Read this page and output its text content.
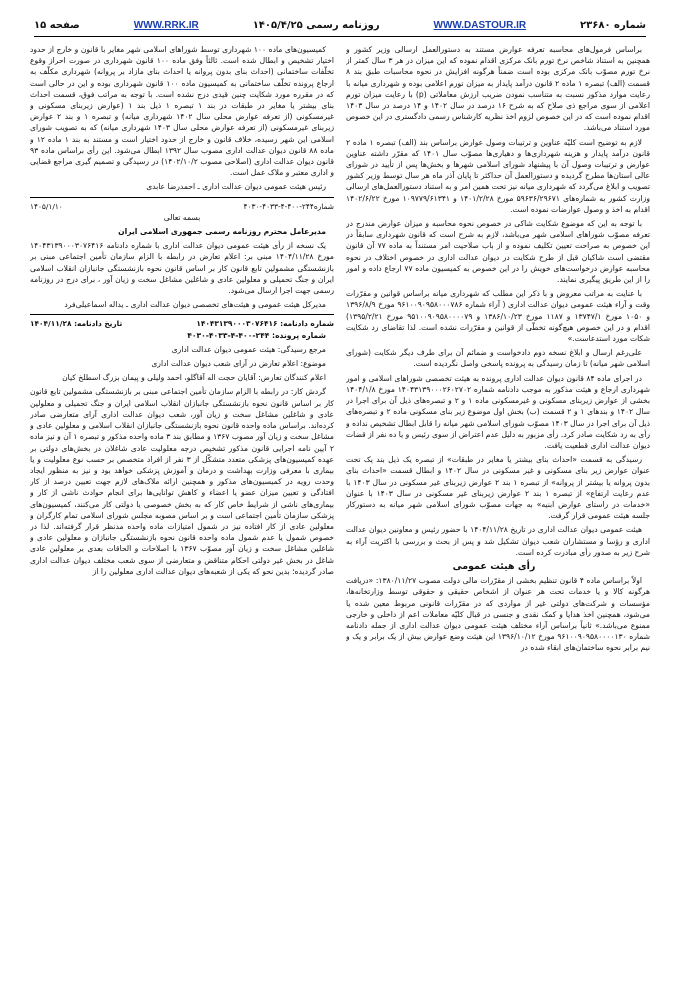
شماره ۲۳۶۸۰
WWW.DASTOUR.IR
روزنامه رسمی ۱۴۰۵/۴/۲۵
WWW.RRK.IR
صفحه ۱۵

براساس فرمول‌های محاسبه تعرفه عوارض مستند به دستورالعمل ارسالی وزیر کشور و همچنین به استناد شاخص نرخ تورم بانک مرکزی اقدام نموده که این میزان در هر ۳ سال کمتر از نرخ تورم مصوّب بانک مرکزی بوده است ضمناً هرگونه افزایش در نحوه محاسبات طبق بند ۸ قسمت (الف) تبصره ۱ ماده ۲ قانون درآمد پایدار به میزان تورم اعلامی بوده و شهرداری میانه با رعایت موارد مذکور نسبت به متناسب نمودن ضریب ارزش معاملاتی (p) با رعایت میزان تورم اعلامی از سوی مراجع ذی صلاح که به شرح ۱۶ درصد در سال ۱۴۰۲ و ۱۴ درصد در سال ۱۴۰۳ اقدام نموده است که در این خصوص لزوم اخذ نظریه کارشناس رسمی دادگستری در این خصوص مورد استناد می‌باشد.

لازم به توضیح است کلیّه عناوین و ترتیبات وصول عوارض براساس بند (الف) تبصره ۱ ماده ۲ قانون درآمد پایدار و هزینه شهرداری‌ها و دهیاری‌ها مصوّب سال ۱۴۰۱ که مقرّر داشته عناوین عوارض و ترتیبات وصول آن با پیشنهاد شورای اسلامی شهرها و بخش‌ها پس از تأیید در شورای عالی استان‌ها مطرح گردیده و دستورالعمل آن حداکثر تا پایان آذر ماه هر سال توسط وزیر کشور تصویب و ابلاغ می‌گردد که شهرداری میانه نیز تحت همین امر و به استناد دستورالعمل‌های ارسالی وزارت کشور به شماره‌های ۵۹۶۳۶/۲۹۶۷۱ مورخ ۱۴۰۱/۲/۲۸ و ۱۰۹۷۷۹/۶۱۳۴۱ مورخ ۱۴۰۲/۶/۲۲ اقدام به اخذ و وصول عوارضات نموده است.

با توجه به این که موضوع شکایت شاکی در خصوص نحوه محاسبه و میزان عوارض مندرج در تعرفه مصوّب شوراهای اسلامی شهر می‌باشد، لازم به شرح است که قانون شهرداری سابقاً در این خصوص به صراحت تعیین تکلیف نموده و از باب صلاحیت امر مستنداً به ماده ۷۷ آن قانون مقتضی است شاکیان قبل از طرح شکایت در دیوان عدالت اداری در خصوص اختلاف در نحوه محاسبه عوارض درخواست‌های خویش را در این خصوص به کمیسیون ماده ۷۷ ارجاع داده و امور را از این طریق پیگیری نمایند.

با عنایت به مراتب معروض و با ذکر این مطلب که شهرداری میانه براساس قوانین و مقرّرات وقت و آراء هیئت عمومی دیوان عدالت اداری ( آراء شماره ۹۶۱۰۰۹۰۹۵۸۰۰۰۷۸۶ مورخ ۱۳۹۶/۸/۹ و ۱۰۵۰ مورخ ۱۳۷۴۷/۱ و ۱۱۸۷ مورخ ۱۳۸۶/۱۰/۲۳ و ۹۵۱۰۰۹۰۹۵۸۰۰۰۰۷۹ مورخ ۱۳۹۵/۲/۲۱) اقدام و در این خصوص هیچ‌گونه تخطّی از قوانین و مقرّرات نشده است. لذا تقاضای رد شکایت شکات مورد استدعاست.»

علی‌رغم ارسال و ابلاغ نسخه دوم دادخواست و ضمائم آن برای طرف دیگر شکایت (شورای اسلامی شهر میانه) تا زمان رسیدگی به پرونده پاسخی واصل نگردیده است.

در اجرای ماده ۸۴ قانون دیوان عدالت اداری پرونده به هیئت تخصصی شوراهای اسلامی و امور شهرداری ارجاع و هیئت مذکور به موجب دادنامه شماره ۱۴۰۴۳۱۳۹۰۰۰۲۶۰۲۷۰۲ مورخ ۱۴۰۴/۱/۸ بخشی از عوارض زیربنای مسکونی و غیرمسکونی ماده ۱ و ۲ و تبصره‌های ذیل آن برای اجرا در سال ۱۴۰۲ و بندهای ۱ و ۲ قسمت (ب) بخش اول موضوع زیر بنای مسکونی ماده ۲ و تبصره‌های ذیل آن برای اجرا در سال ۱۴۰۳ مصوّب شورای اسلامی شهر میانه را قابل ابطال تشخیص نداده و رأی به رد شکایت صادر کرد. رأی مزبور به دلیل عدم اعتراض از سوی رئیس و یا ده نفر از قضات دیوان عدالت اداری قطعیت یافت.

رسیدگی به قسمت «احداث بنای بیشتر یا مغایر در طبقات» از تبصره یک ذیل بند یک تحت عنوان عوارض زیر بنای مسکونی و غیر مسکونی در سال ۱۴۰۲ و ابطال قسمت «احداث بنای بدون پروانه یا بیشتر از پروانه» از تبصره ۱ بند ۲ عوارض زیربنای غیر مسکونی در سال ۱۴۰۳ با عدم رعایت ارتفاع» از تبصره ۱ بند ۲ عوارض زیربنای غیر مسکونی در سال ۱۴۰۳ با عنوان «خدمات در راستای عوارض ابنیه» به جهات مصوّب شورای اسلامی شهر میانه به دستورکار جلسه هیئت عمومی قرار گرفت.

هیئت عمومی دیوان عدالت اداری در تاریخ ۱۴۰۴/۱۱/۲۸ با حضور رئیس و معاونین دیوان عدالت اداری و رؤسا و مستشاران شعب دیوان تشکیل شد و پس از بحث و بررسی با اکثریت آراء به شرح زیر به صدور رأی مبادرت کرده است.

رأی هیئت عمومی

اولاً براساس ماده ۴ قانون تنظیم بخشی از مقرّرات مالی دولت مصوب ۱۳۸۰/۱۱/۲۷: «دریافت هرگونه کالا و یا خدمات تحت هر عنوان از اشخاص حقیقی و حقوقی توسط وزارتخانه‌ها، مؤسسات و شرکت‌های دولتی غیر از مواردی که در مقرّرات قانونی مربوط معین شده یا می‌شود، همچنین اخذ هدایا و کمک نقدی و جنسی در قبال کلیّه معاملات اعم از داخلی و خارجی ممنوع می‌باشد.» ثانیاً براساس آراء مختلف هیئت عمومی دیوان عدالت اداری از جمله دادنامه شماره ۹۶۱۰۰۹۰۹۵۸۰۰۰۰۱۳۰ مورخ ۱۳۹۶/۱۰/۱۲ این هیئت وضع عوارض بیش از یک برابر و یک و نیم برابر نحوه ساختمان‌های ابقاء شده در

کمیسیون‌های ماده ۱۰۰ شهرداری توسط شوراهای اسلامی شهر مغایر با قانون و خارج از حدود اختیار تشخیص و ابطال شده است. ثالثاً وفق ماده ۱۰۰ قانون شهرداری در صورت احراز وقوع تخلّفات ساختمانی (احداث بنای بدون پروانه یا احداث بنای مازاد بر پروانه) شهرداری مکلّف به ارجاع پرونده تخلّف ساختمانی به کمیسیون ماده ۱۰۰ قانون شهرداری بوده و این در حالی است که در مقرره مورد شکایت چنین قیدی درج نشده است. با توجه به مراتب فوق، قسمت احداث بنای بیشتر یا مغایر در طبقات در بند ۱ تبصره ۱ ذیل بند ۱ (عوارض زیربنای مسکونی و غیرمسکونی (از تعرفه عوارض محلی سال ۱۴۰۲ شهرداری میانه) و تبصره ۱ و بند ۲ عوارض زیربنای غیرمسکونی (از تعرفه عوارض محلی سال ۱۴۰۳ شهرداری میانه) که به تصویب شورای اسلامی این شهر رسیده، خلاف قانون و خارج از حدود اختیار است و مستند به بند ۱ ماده ۱۲ و ماده ۸۸ قانون دیوان عدالت اداری مصوب سال ۱۳۹۲ ابطال می‌شود. این رأی براساس ماده ۹۳ قانون دیوان عدالت اداری (اصلاحی مصوب ۱۴۰۲/۱۰/۲) در رسیدگی و تصمیم گیری مراجع قضایی و اداری معتبر و ملاک عمل است.

رئیس هیئت عمومی دیوان عدالت اداری ـ احمدرضا عابدی

شماره۲۴۴-۴۰۰-۴-۴۰۳۳-۴۰۳۰
۱۴۰۵/۱/۱۰

بسمه تعالی

مدیرعامل محترم روزنامه رسمی جمهوری اسلامی ایران

یک نسخه از رأی هیئت عمومی دیوان عدالت اداری با شماره دادنامه ۱۴۰۴۳۱۳۹۰۰۰۳۰۷۶۴۱۶ مورخ ۱۴۰۴/۱۱/۲۸ مبنی بر: اعلام تعارض در رابطه با الزام سازمان تأمین اجتماعی مبنی بر بازنشستگی مشمولین تابع قانون کار بر اساس قانون نحوه بازنشستگی جانبازان انقلاب اسلامی ایران و جنگ تحمیلی و معلولین عادی و شاغلین مشاغل سخت و زیان آور ، برای درج در روزنامه رسمی جهت اجرا ارسال می‌شود.

مدیرکل هیئت عمومی و هیئت‌های تخصصی دیوان عدالت اداری ـ یداله اسماعیلی‌فرد

شماره دادنامه: ۱۴۰۴۳۱۳۹۰۰۰۳۰۷۶۴۱۶
تاریخ دادنامه: ۱۴۰۴/۱۱/۲۸

شماره پرونده: ۲۴۴-۴۰۰-۴-۴۰۳۳-۴۰۳۰

مرجع رسیدگی: هیئت عمومی دیوان عدالت اداری

موضوع: اعلام تعارض در آرای شعب دیوان عدالت اداری

اعلام کنندگان تعارض: آقایان حجت اله آقاگلو، احمد ولیلی و پیمان بزرگ اسطلخ کیان

گردش کار: در رابطه با الزام سازمان تأمین اجتماعی مبنی بر بازنشستگی مشمولین تابع قانون کار بر اساس قانون نحوه بازنشستگی جانبازان انقلاب اسلامی ایران و جنگ تحمیلی و معلولین عادی و شاغلین مشاغل سخت و زیان آور، شعب دیوان عدالت اداری آرای متعارضی صادر کرده‌اند. براساس ماده واحده قانون نحوه بازنشستگی جانبازان انقلاب اسلامی و معلولین عادی و مشاغل سخت و زیان آور مصوب ۱۳۶۷ و مطابق بند ۳ ماده واحده مذکور و تبصره ۱ آن و نیز ماده ۲ آیین نامه اجرایی قانون مذکور تشخیص درجه معلولیت عادی شاغلان در بخش‌های دولتی بر عهده کمیسیون‌های پزشکی متعدد متشکّل از ۳ نفر از افراد متخصص بر حسب نوع معلولیت و یا بیماری با معرفی وزارت بهداشت و درمان و آموزش پزشکی خواهد بود و نیز به منظور ایجاد وحدت رویه در کمیسیون‌های مذکور و همچنین ارائه ملاک‌های لازم جهت تعیین درصد از کار افتادگی و تعیین میزان عضو یا اعضاء و کاهش توانایی‌ها برای انجام حوادث ناشی از کار و بیماری‌های ناشی از شرایط خاص کار که به بخش خصوصی یا دولتی کار می‌کنند، کمیسیون‌های پزشکی سازمان تأمین اجتماعی است و بر اساس مصوبه مجلس شورای اسلامی تمام کارگران و معلولین عادی از کار افتاده نیز در شمول امتیازات ماده واحده مدنظر قرار گرفته‌اند. لذا در خصوص شمول یا عدم شمول ماده واحده قانون نحوه بازنشستگی جانبازان و معلولین عادی و شاغلین مشاغل سخت و زیان آور مصوّب ۱۳۶۷ با اصلاحات و الحاقات بعدی بر معلولین عادی شاغل در بخش غیر دولتی احکام متناقض و متعارضی از سوی شعب مختلف دیوان عدالت اداری صادر گردیده؛ بدین نحو که یکی از شعبه‌های دیوان عدالت اداری معلولین را از
